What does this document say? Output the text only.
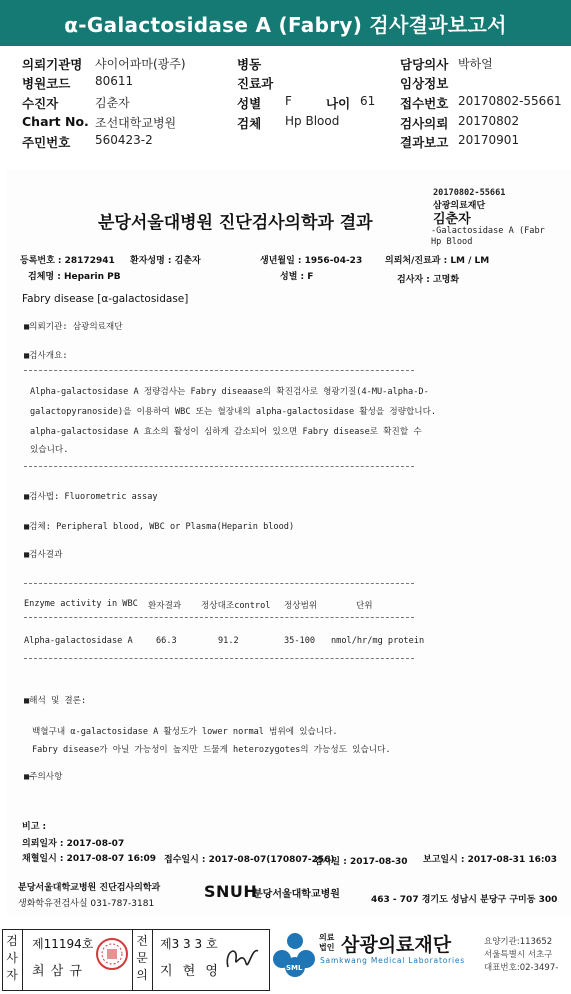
α-Galactosidase A (Fabry) 검사결과보고서
의뢰기관명 샤이어파마(광주)
병원코드 80611
수진자	김춘자
Chart No. 조선대학교병원
주민번호 560423-2
병동
진료과
성별 F	나이 61
검체 Hp Blood
담당의사 박하얼
임상정보
접수번호 20170802-55661
검사의뢰 20170802
결과보고 20170901
20170802-55661
삼광의료재단
김춘자
-Galactosidase A (Fabr
Hp Blood
분당서울대병원 진단검사의학과 결과
등록번호 : 28172941 환자성명 : 김춘자	생년월일 : 1956-04-23	의뢰처/진료과 : LM / LM
검체명 : Heparin PB	성별 : F	검사자 : 고명화
Fabry disease [α-galactosidase]
■의뢰기관: 삼광의료재단
■검사개요:
Alpha-galactosidase A 정량검사는 Fabry diseaase의 확진검사로 형광기질(4-MU-alpha-D-
galactopyranoside)을 이용하여 WBC 또는 혈장내의 alpha-galactosidase 활성을 정량합니다.
alpha-galactosidase A 효소의 활성이 심하게 감소되어 있으면 Fabry disease로 확진할 수
있습니다.
■검사법: Fluorometric assay
■검체: Peripheral blood, WBC or Plasma(Heparin blood)
■검사결과
Enzyme activity in WBC 환자결과 정상대조control 정상범위	단위
Alpha-galactosidase A	66.3	91.2	35-100 nmol/hr/mg protein
■해석 및 결론:
백혈구내 α-galactosidase A 활성도가 lower normal 범위에 있습니다.
Fabry disease가 아닐 가능성이 높지만 드물게 heterozygotes의 가능성도 있습니다.
■주의사항
비고 :
의뢰일자 : 2017-08-07
채혈일시 : 2017-08-07 16:09 접수일시 : 2017-08-07(170807-256)
검사일 : 2017-08-30 보고일시 : 2017-08-31 16:03
분당서울대학교병원 진단검사의학과
생화학유전검사실 031-787-3181
SNUH
분당서울대학교병원	463 - 707 경기도 성남시 분당구 구미동 300
검사자
제11194호
최 삼 규
전문의
제3 3 3 호
지 현 영	SML
의료법인 삼광의료재단
Samkwang Medical Laboratories
요양기관:113652
서울특별시 서초구
대표번호:02-3497-
